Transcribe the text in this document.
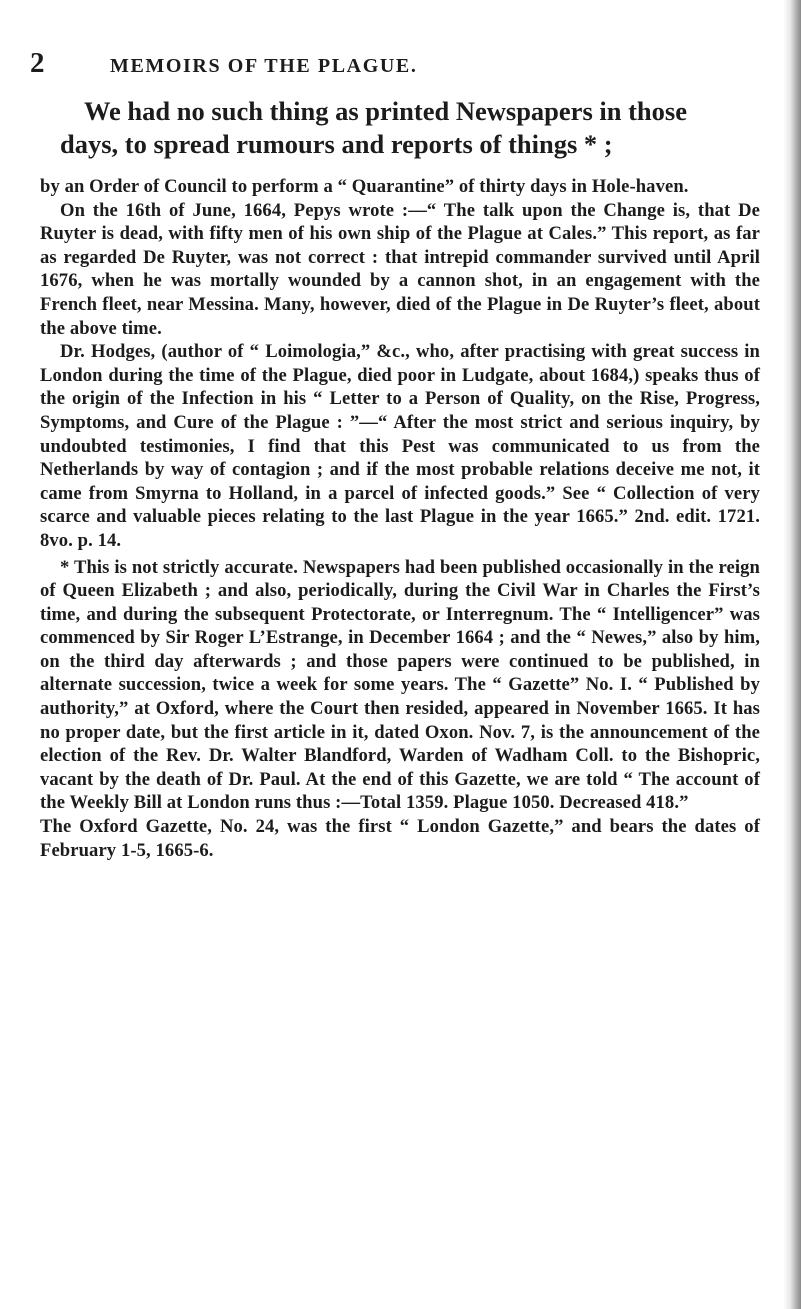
2	MEMOIRS OF THE PLAGUE.
We had no such thing as printed Newspapers in those days, to spread rumours and reports of things * ;

by an Order of Council to perform a “ Quarantine” of thirty days in Hole-haven.

On the 16th of June, 1664, Pepys wrote :—“ The talk upon the Change is, that De Ruyter is dead, with fifty men of his own ship of the Plague at Cales.” This report, as far as regarded De Ruyter, was not correct : that intrepid commander survived until April 1676, when he was mortally wounded by a cannon shot, in an engagement with the French fleet, near Messina. Many, however, died of the Plague in De Ruyter’s fleet, about the above time.

Dr. Hodges, (author of “ Loimologia,” &c., who, after practising with great success in London during the time of the Plague, died poor in Ludgate, about 1684,) speaks thus of the origin of the Infection in his “ Letter to a Person of Quality, on the Rise, Progress, Symptoms, and Cure of the Plague : ”—“ After the most strict and serious inquiry, by undoubted testimonies, I find that this Pest was communicated to us from the Netherlands by way of contagion ; and if the most probable relations deceive me not, it came from Smyrna to Holland, in a parcel of infected goods.” See “ Collection of very scarce and valuable pieces relating to the last Plague in the year 1665.” 2nd. edit. 1721. 8vo. p. 14.

* This is not strictly accurate. Newspapers had been published occasionally in the reign of Queen Elizabeth ; and also, periodically, during the Civil War in Charles the First’s time, and during the subsequent Protectorate, or Interregnum. The “ Intelligencer” was commenced by Sir Roger L’Estrange, in December 1664 ; and the “ Newes,” also by him, on the third day afterwards ; and those papers were continued to be published, in alternate succession, twice a week for some years. The “ Gazette” No. I. “ Published by authority,” at Oxford, where the Court then resided, appeared in November 1665. It has no proper date, but the first article in it, dated Oxon. Nov. 7, is the announcement of the election of the Rev. Dr. Walter Blandford, Warden of Wadham Coll. to the Bishopric, vacant by the death of Dr. Paul. At the end of this Gazette, we are told “ The account of the Weekly Bill at London runs thus :—Total 1359. Plague 1050. Decreased 418.”

The Oxford Gazette, No. 24, was the first “ London Gazette,” and bears the dates of February 1-5, 1665-6.
